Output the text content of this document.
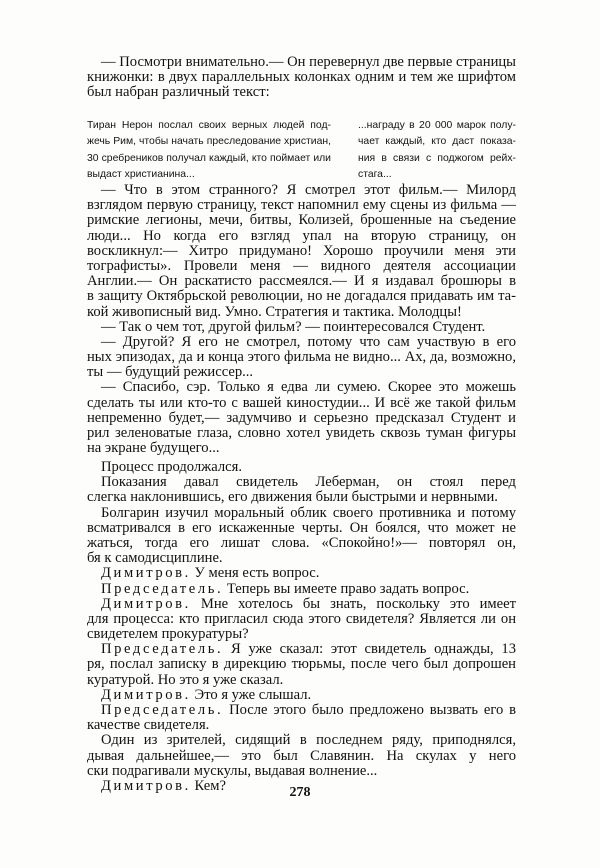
— Посмотри внимательно.— Он перевернул две первые страницы
книжонки: в двух параллельных колонках одним и тем же шрифтом
был набран различный текст:
Тиран Нерон послал своих верных людей под-
жечь Рим, чтобы начать преследование христиан,
30 сребреников получал каждый, кто поймает или
выдаст христианина...
...награду в 20 000 марок полу-
чает каждый, кто даст показа-
ния в связи с поджогом рейх-
стага...
— Что в этом странного? Я смотрел этот фильм.— Милорд
взглядом первую страницу, текст напомнил ему сцены из фильма —
римские легионы, мечи, битвы, Колизей, брошенные на съедение
люди... Но когда его взгляд упал на вторую страницу, он
воскликнул:— Хитро придумано! Хорошо проучили меня эти
тографисты». Провели меня — видного деятеля ассоциации
Англии.— Он раскатисто рассмеялся.— И я издавал брошюры в
в защиту Октябрьской революции, но не догадался придавать им та-
кой живописный вид. Умно. Стратегия и тактика. Молодцы!
— Так о чем тот, другой фильм? — поинтересовался Студент.
— Другой? Я его не смотрел, потому что сам участвую в его
ных эпизодах, да и конца этого фильма не видно... Ах, да, возможно,
ты — будущий режиссер...
— Спасибо, сэр. Только я едва ли сумею. Скорее это можешь
сделать ты или кто-то с вашей киностудии... И всё же такой фильм
непременно будет,— задумчиво и серьезно предсказал Студент и
рил зеленоватые глаза, словно хотел увидеть сквозь туман фигуры
на экране будущего...
Процесс продолжался.
Показания давал свидетель Леберман, он стоял перед
слегка наклонившись, его движения были быстрыми и нервными.
Болгарин изучил моральный облик своего противника и потому
всматривался в его искаженные черты. Он боялся, что может не
жаться, тогда его лишат слова. «Спокойно!»— повторял он,
бя к самодисциплине.
Димитров. У меня есть вопрос.
Председатель. Теперь вы имеете право задать вопрос.
Димитров. Мне хотелось бы знать, поскольку это имеет
для процесса: кто пригласил сюда этого свидетеля? Является ли он
свидетелем прокуратуры?
Председатель. Я уже сказал: этот свидетель однажды, 13
ря, послал записку в дирекцию тюрьмы, после чего был допрошен
куратурой. Но это я уже сказал.
Димитров. Это я уже слышал.
Председатель. После этого было предложено вызвать его в
качестве свидетеля.
Один из зрителей, сидящий в последнем ряду, приподнялся,
дывая дальнейшее,— это был Славянин. На скулах у него
ски подрагивали мускулы, выдавая волнение...
Димитров. Кем?	278
